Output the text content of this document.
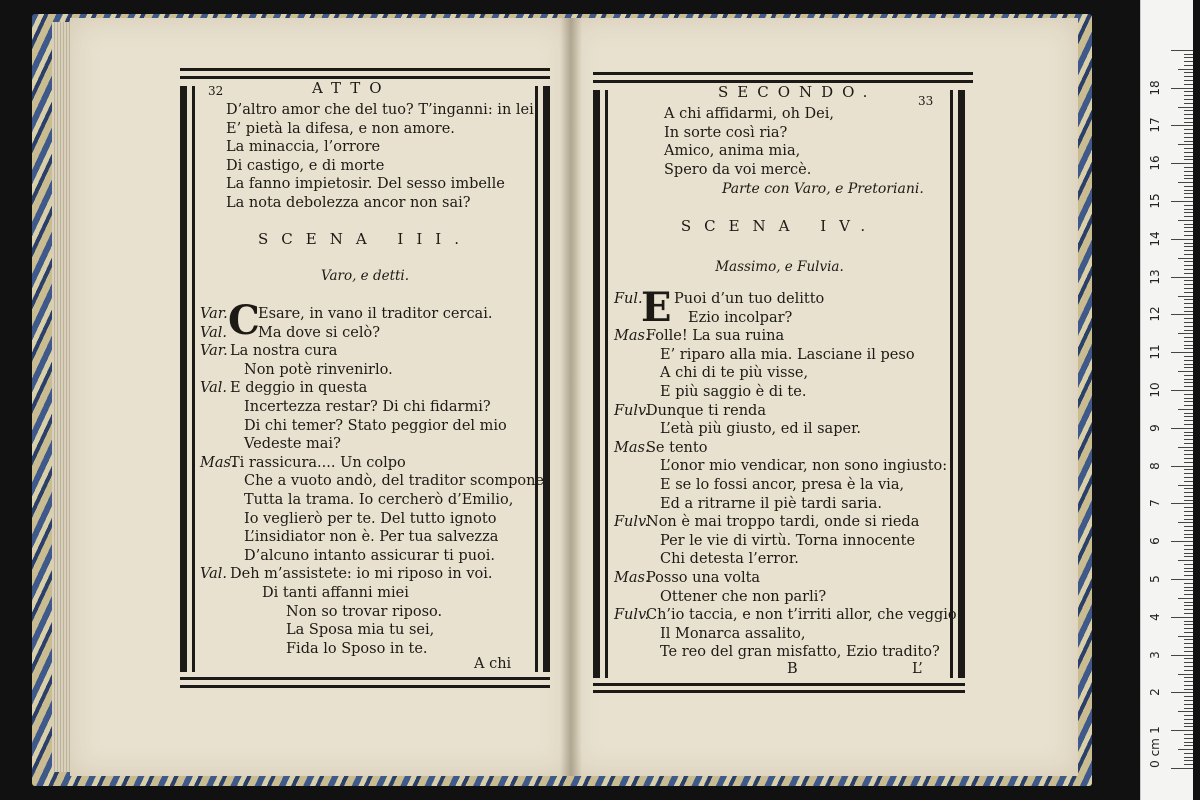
32	ATTO
D’altro amor che del tuo? T’inganni: in lei
E’ pietà la difesa, e non amore.
La minaccia, l’orrore
Di castigo, e di morte
La fanno impietosir. Del sesso imbelle
La nota debolezza ancor non sai?
SCENA III.
Varo, e detti.
C
Var. Esare, in vano il traditor cercai.
Val. Ma dove si celò?
Var. La nostra cura
Non potè rinvenirlo.
Val. E deggio in questa
Incertezza restar? Di chi fidarmi?
Di chi temer? Stato peggior del mio
Vedeste mai?
Mas.Ti rassicura.... Un colpo
Che a vuoto andò, del traditor scompone
Tutta la trama. Io cercherò d’Emilio,
Io veglierò per te. Del tutto ignoto
L’insidiator non è. Per tua salvezza
D’alcuno intanto assicurar ti puoi.
Val. Deh m’assistete: io mi riposo in voi.
Di tanti affanni miei
Non so trovar riposo.
La Sposa mia tu sei,
Fida lo Sposo in te.
A chi
SECONDO.	33
A chi affidarmi, oh Dei,
In sorte così ria?
Amico, anima mia,
Spero da voi mercè.
Parte con Varo, e Pretoriani.
SCENA IV.
Massimo, e Fulvia.
E
Ful. Puoi d’un tuo delitto
Ezio incolpar?
Mas.Folle! La sua ruina
E’ riparo alla mia. Lasciane il peso
A chi di te più visse,
E più saggio è di te.
Fulv.Dunque ti renda
L’età più giusto, ed il saper.
Mas.Se tento
L’onor mio vendicar, non sono ingiusto:
E se lo fossi ancor, presa è la via,
Ed a ritrarne il piè tardi saria.
Fulv.Non è mai troppo tardi, onde si rieda
Per le vie di virtù. Torna innocente
Chi detesta l’error.
Mas.Posso una volta
Ottener che non parli?
Fulv.Ch’io taccia, e non t’irriti allor, che veggio
Il Monarca assalito,
Te reo del gran misfatto, Ezio tradito?
B	L’
0 cm
1
2
3
4
5
6
7
8
9
10
11
12
13
14
15
16
17
18
